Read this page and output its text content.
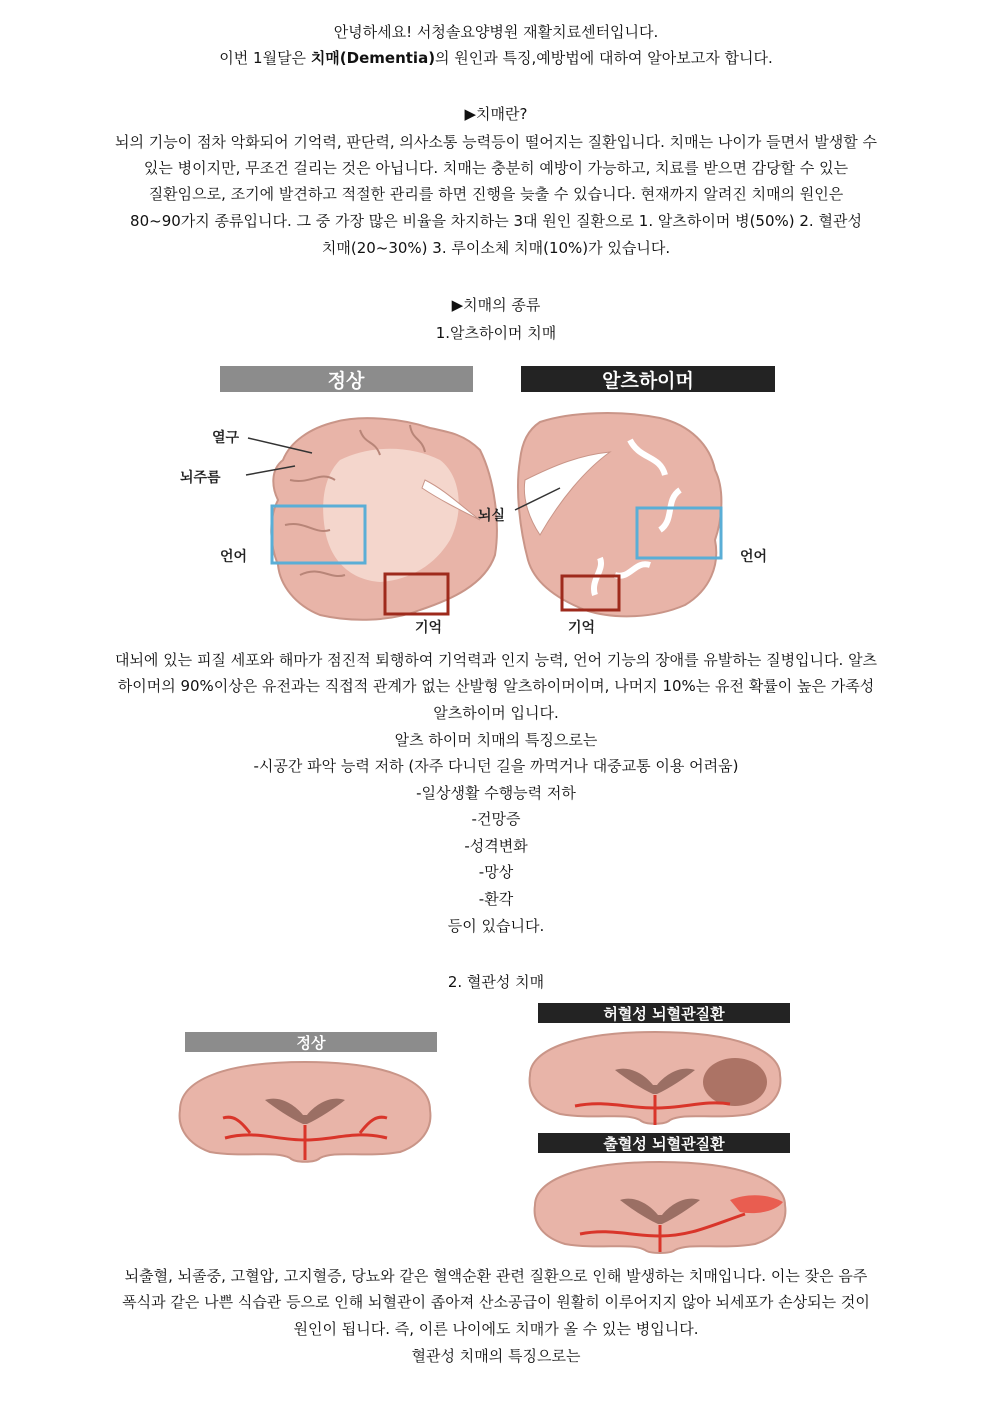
안녕하세요! 서청솔요양병원 재활치료센터입니다.
이번 1월달은 치매(Dementia)의 원인과 특징,예방법에 대하여 알아보고자 합니다.
▶치매란?
뇌의 기능이 점차 악화되어 기억력, 판단력, 의사소통 능력등이 떨어지는 질환입니다. 치매는 나이가 들면서 발생할 수
있는 병이지만, 무조건 걸리는 것은 아닙니다. 치매는 충분히 예방이 가능하고, 치료를 받으면 감당할 수 있는
질환임으로, 조기에 발견하고 적절한 관리를 하면 진행을 늦출 수 있습니다. 현재까지 알려진 치매의 원인은
80~90가지 종류입니다. 그 중 가장 많은 비율을 차지하는 3대 원인 질환으로 1. 알츠하이머 병(50%) 2. 혈관성
치매(20~30%) 3. 루이소체 치매(10%)가 있습니다.
▶치매의 종류
1.알츠하이머 치매
정상	알츠하이머
열구
뇌주름
뇌실
언어	언어
기억	기억
대뇌에 있는 피질 세포와 해마가 점진적 퇴행하여 기억력과 인지 능력, 언어 기능의 장애를 유발하는 질병입니다. 알츠
하이머의 90%이상은 유전과는 직접적 관계가 없는 산발형 알츠하이머이며, 나머지 10%는 유전 확률이 높은 가족성
알츠하이머 입니다.
알츠 하이머 치매의 특징으로는
-시공간 파악 능력 저하 (자주 다니던 길을 까먹거나 대중교통 이용 어려움)
-일상생활 수행능력 저하
-건망증
-성격변화
-망상
-환각
등이 있습니다.
2. 혈관성 치매
정상
허혈성 뇌혈관질환
출혈성 뇌혈관질환
뇌출혈, 뇌졸중, 고혈압, 고지혈증, 당뇨와 같은 혈액순환 관련 질환으로 인해 발생하는 치매입니다. 이는 잦은 음주
폭식과 같은 나쁜 식습관 등으로 인해 뇌혈관이 좁아져 산소공급이 원활히 이루어지지 않아 뇌세포가 손상되는 것이
원인이 됩니다. 즉, 이른 나이에도 치매가 올 수 있는 병입니다.
혈관성 치매의 특징으로는
